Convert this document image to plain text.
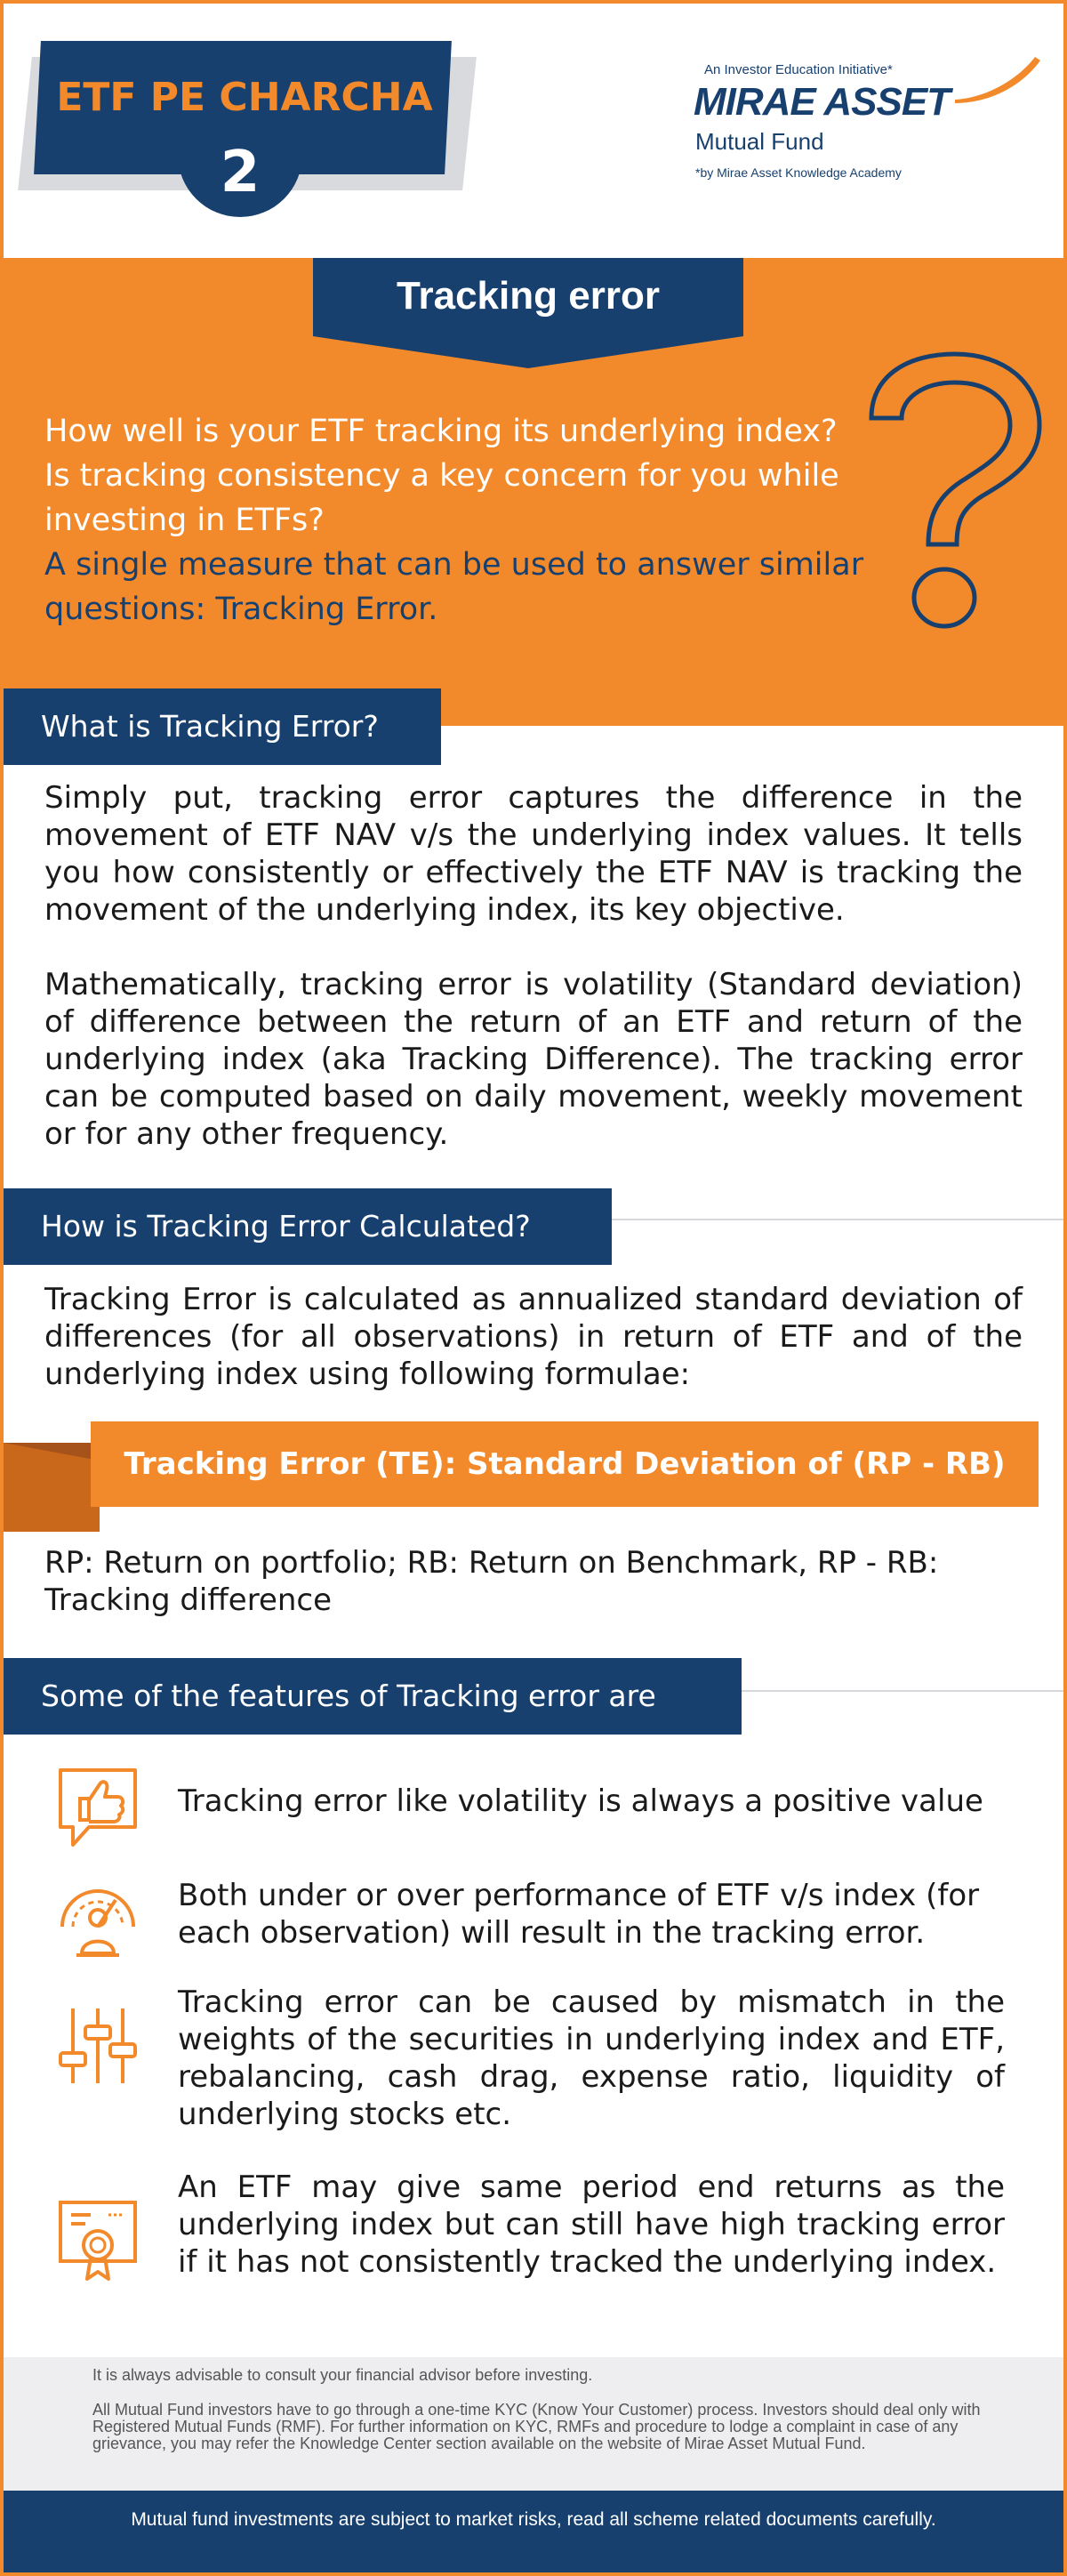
ETF PE CHARCHA
2
An Investor Education Initiative*
MIRAE ASSET
Mutual Fund
*by Mirae Asset Knowledge Academy
Tracking error
How well is your ETF tracking its underlying index?
Is tracking consistency a key concern for you while investing in ETFs?
A single measure that can be used to answer similar questions: Tracking Error.
What is Tracking Error?
Simply put, tracking error captures the difference in the movement of ETF NAV v/s the underlying index values. It tells you how consistently or effectively the ETF NAV is tracking the movement of the underlying index, its key objective.
Mathematically, tracking error is volatility (Standard deviation) of difference between the return of an ETF and return of the underlying index (aka Tracking Difference). The tracking error can be computed based on daily movement, weekly movement or for any other frequency.
How is Tracking Error Calculated?
Tracking Error is calculated as annualized standard deviation of differences (for all observations) in return of ETF and of the underlying index using following formulae:
Tracking Error (TE): Standard Deviation of (RP - RB)
RP: Return on portfolio; RB: Return on Benchmark, RP - RB: Tracking difference
Some of the features of Tracking error are
Tracking error like volatility is always a positive value
Both under or over performance of ETF v/s index (for each observation) will result in the tracking error.
Tracking error can be caused by mismatch in the weights of the securities in underlying index and ETF, rebalancing, cash drag, expense ratio, liquidity of underlying stocks etc.
An ETF may give same period end returns as the underlying index but can still have high tracking error if it has not consistently tracked the underlying index.
It is always advisable to consult your financial advisor before investing.
All Mutual Fund investors have to go through a one-time KYC (Know Your Customer) process. Investors should deal only with Registered Mutual Funds (RMF). For further information on KYC, RMFs and procedure to lodge a complaint in case of any grievance, you may refer the Knowledge Center section available on the website of Mirae Asset Mutual Fund.
Mutual fund investments are subject to market risks, read all scheme related documents carefully.
